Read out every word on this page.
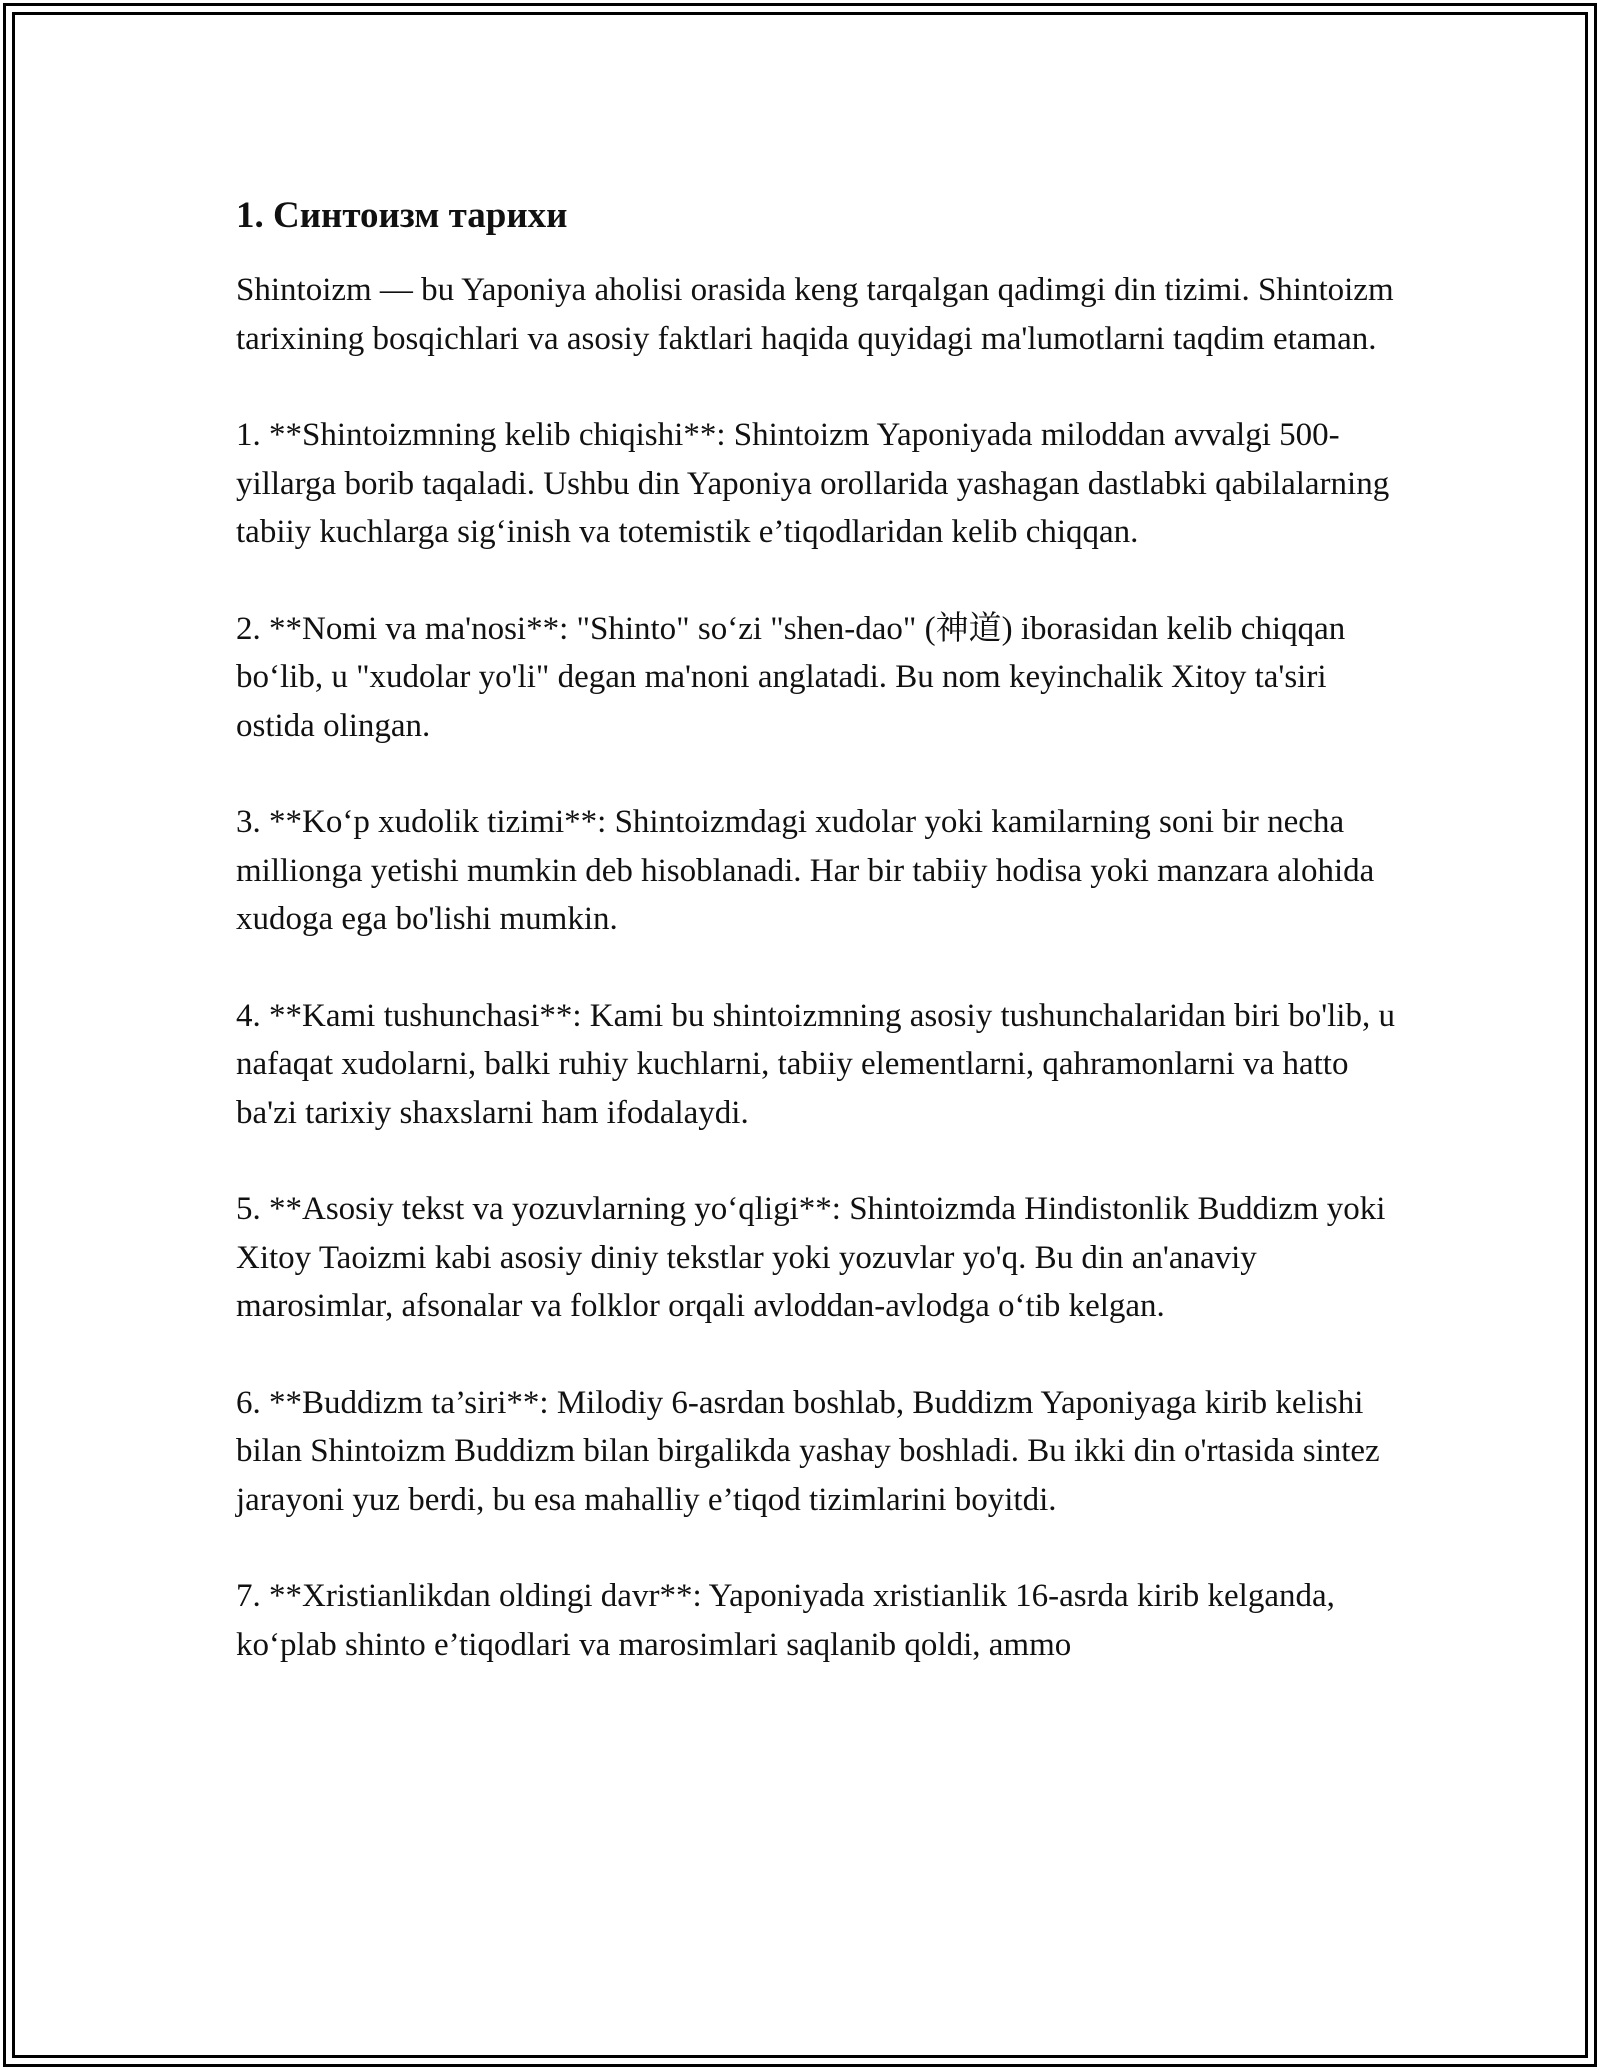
1. Синтоизм тарихи

Shintoizm — bu Yaponiya aholisi orasida keng tarqalgan qadimgi din tizimi. Shintoizm tarixining bosqichlari va asosiy faktlari haqida quyidagi ma'lumotlarni taqdim etaman.

1. **Shintoizmning kelib chiqishi**: Shintoizm Yaponiyada miloddan avvalgi 500-yillarga borib taqaladi. Ushbu din Yaponiya orollarida yashagan dastlabki qabilalarning tabiiy kuchlarga sig‘inish va totemistik e’tiqodlaridan kelib chiqqan.

2. **Nomi va ma'nosi**: "Shinto" so‘zi "shen-dao" (神道) iborasidan kelib chiqqan bo‘lib, u "xudolar yo'li" degan ma'noni anglatadi. Bu nom keyinchalik Xitoy ta'siri ostida olingan.

3. **Ko‘p xudolik tizimi**: Shintoizmdagi xudolar yoki kamilarning soni bir necha millionga yetishi mumkin deb hisoblanadi. Har bir tabiiy hodisa yoki manzara alohida xudoga ega bo'lishi mumkin.

4. **Kami tushunchasi**: Kami bu shintoizmning asosiy tushunchalaridan biri bo'lib, u nafaqat xudolarni, balki ruhiy kuchlarni, tabiiy elementlarni, qahramonlarni va hatto ba'zi tarixiy shaxslarni ham ifodalaydi.

5. **Asosiy tekst va yozuvlarning yo‘qligi**: Shintoizmda Hindistonlik Buddizm yoki Xitoy Taoizmi kabi asosiy diniy tekstlar yoki yozuvlar yo'q. Bu din an'anaviy marosimlar, afsonalar va folklor orqali avloddan-avlodga o‘tib kelgan.

6. **Buddizm ta’siri**: Milodiy 6-asrdan boshlab, Buddizm Yaponiyaga kirib kelishi bilan Shintoizm Buddizm bilan birgalikda yashay boshladi. Bu ikki din o'rtasida sintez jarayoni yuz berdi, bu esa mahalliy e’tiqod tizimlarini boyitdi.

7. **Xristianlikdan oldingi davr**: Yaponiyada xristianlik 16-asrda kirib kelganda, ko‘plab shinto e’tiqodlari va marosimlari saqlanib qoldi, ammo
